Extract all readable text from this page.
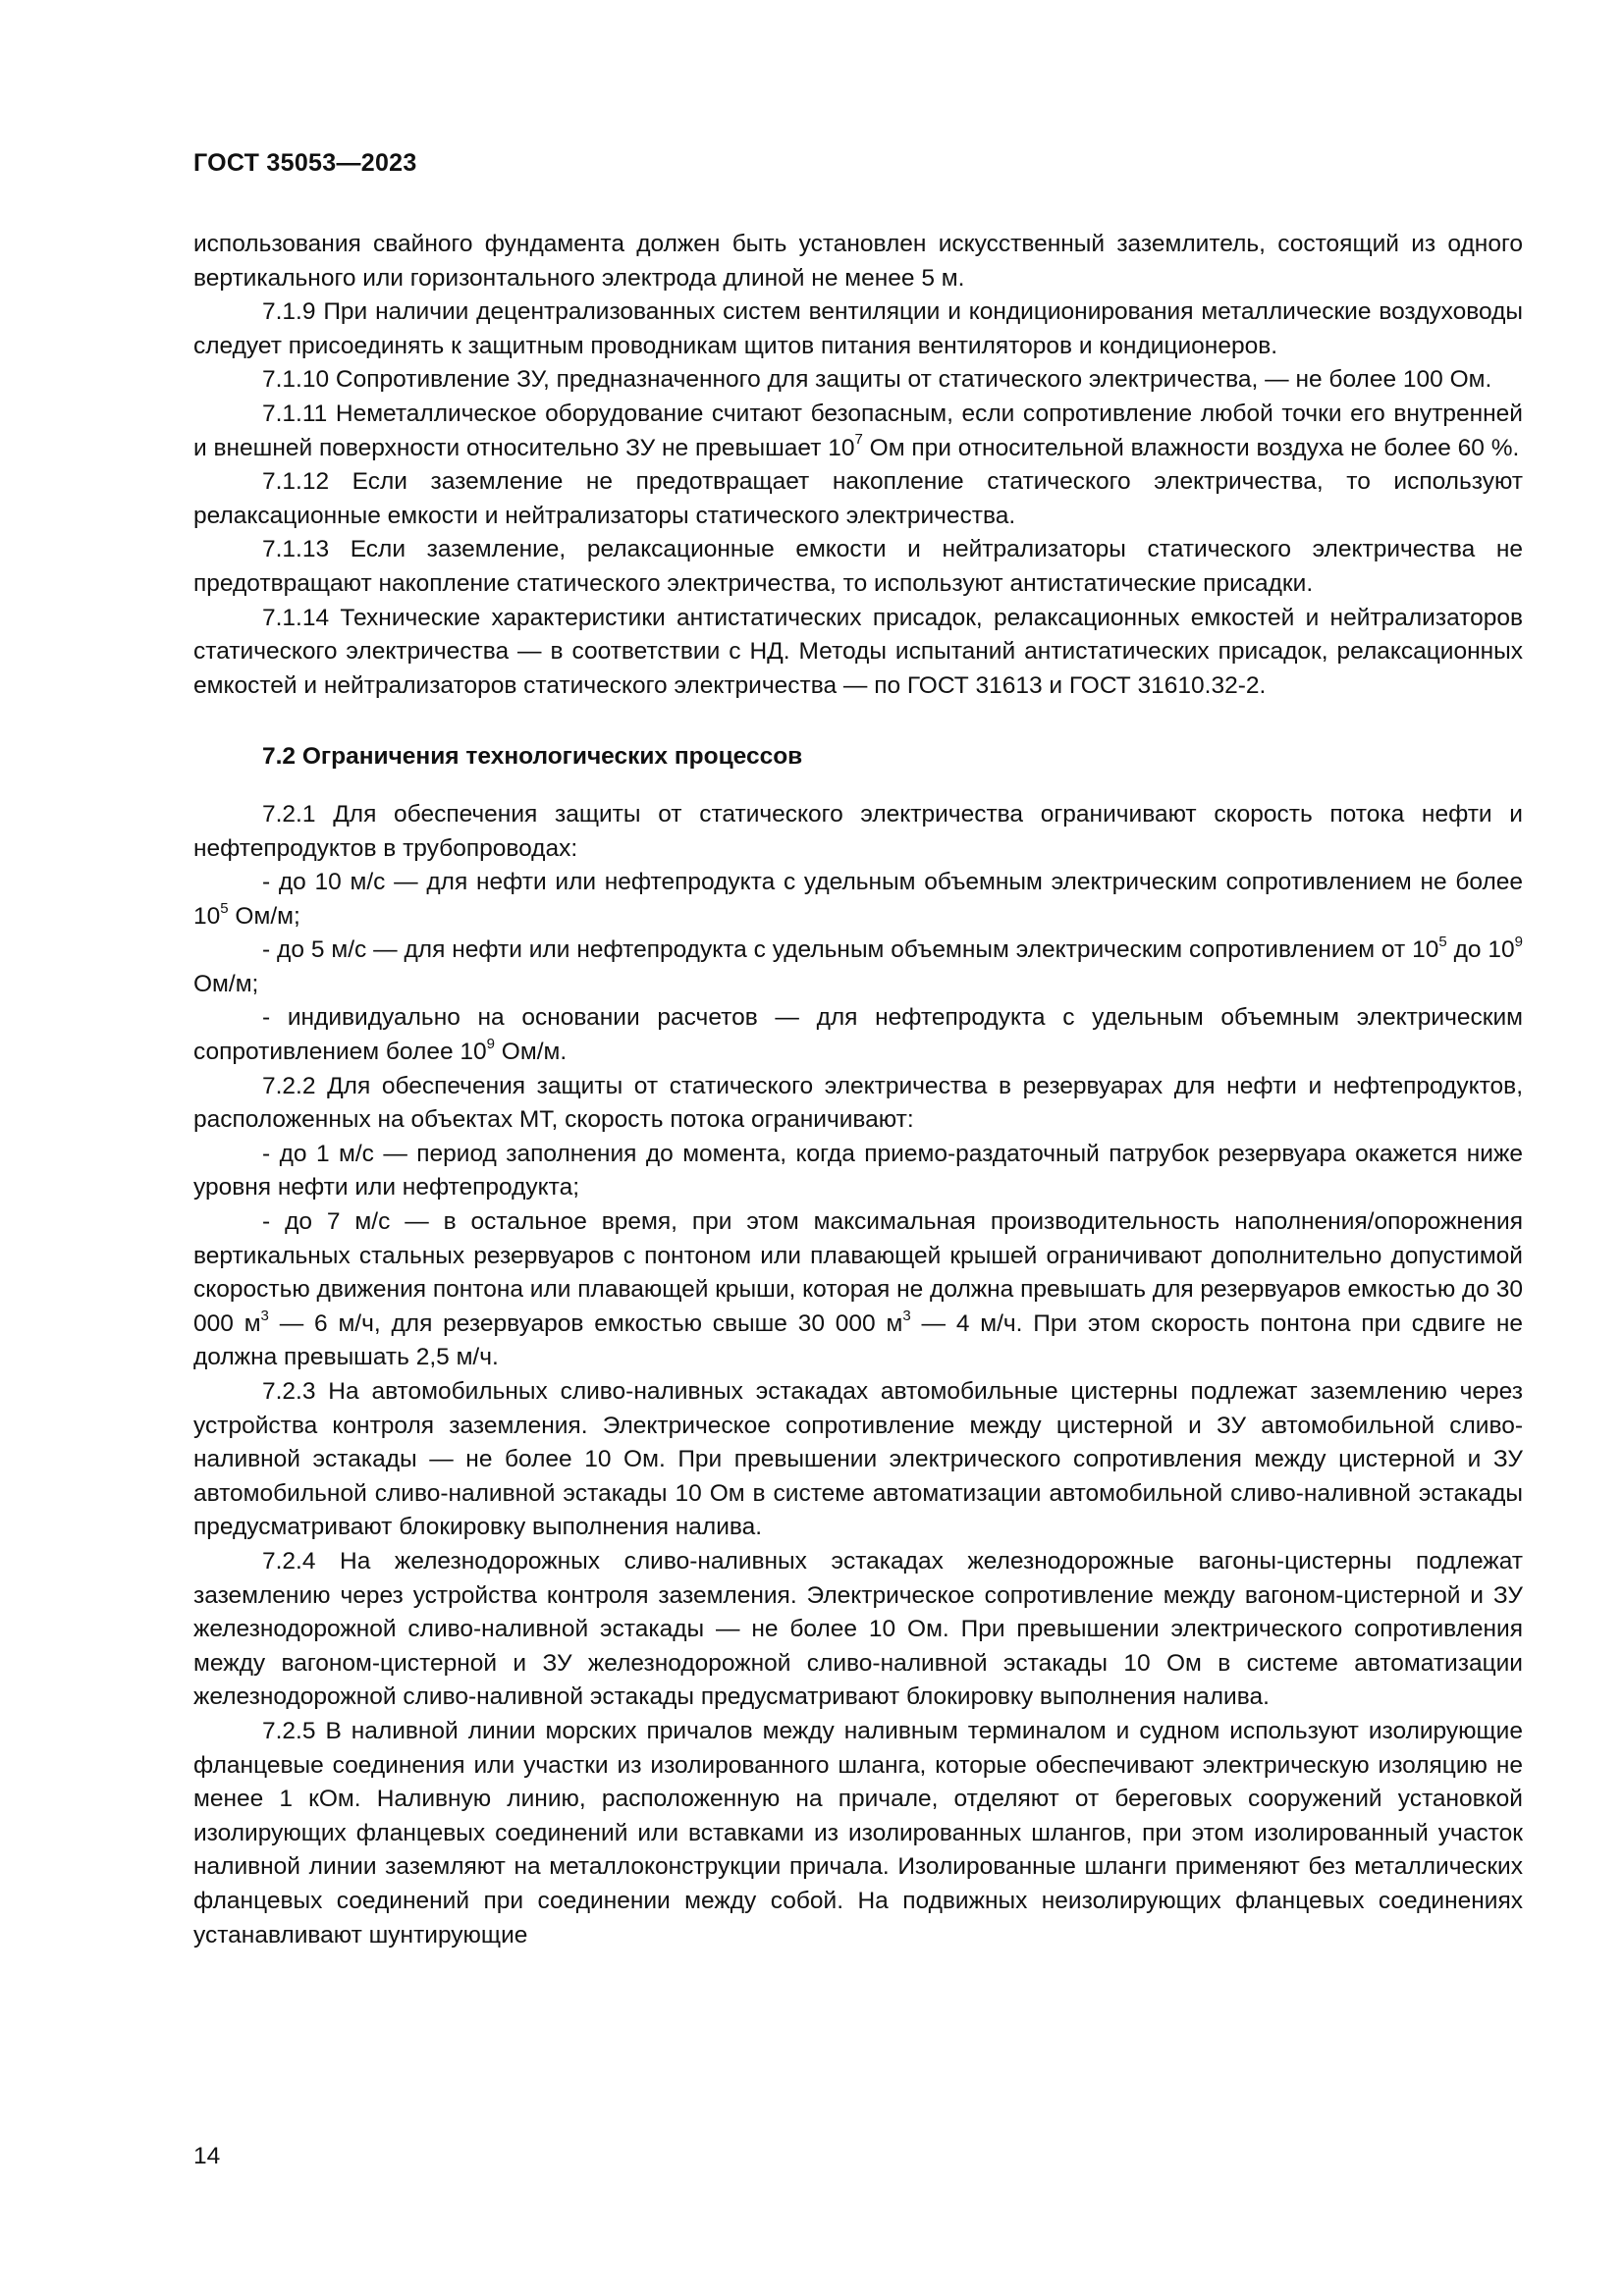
ГОСТ 35053—2023

использования свайного фундамента должен быть установлен искусственный заземлитель, состоящий из одного вертикального или горизонтального электрода длиной не менее 5 м.

7.1.9 При наличии децентрализованных систем вентиляции и кондиционирования металлические воздуховоды следует присоединять к защитным проводникам щитов питания вентиляторов и кондиционеров.

7.1.10 Сопротивление ЗУ, предназначенного для защиты от статического электричества, — не более 100 Ом.

7.1.11 Неметаллическое оборудование считают безопасным, если сопротивление любой точки его внутренней и внешней поверхности относительно ЗУ не превышает $10^7$ Ом при относительной влажности воздуха не более 60 %.

7.1.12 Если заземление не предотвращает накопление статического электричества, то используют релаксационные емкости и нейтрализаторы статического электричества.

7.1.13 Если заземление, релаксационные емкости и нейтрализаторы статического электричества не предотвращают накопление статического электричества, то используют антистатические присадки.

7.1.14 Технические характеристики антистатических присадок, релаксационных емкостей и нейтрализаторов статического электричества — в соответствии с НД. Методы испытаний антистатических присадок, релаксационных емкостей и нейтрализаторов статического электричества — по ГОСТ 31613 и ГОСТ 31610.32-2.

7.2 Ограничения технологических процессов

7.2.1 Для обеспечения защиты от статического электричества ограничивают скорость потока нефти и нефтепродуктов в трубопроводах:

- до 10 м/с — для нефти или нефтепродукта с удельным объемным электрическим сопротивлением не более $10^5$ Ом/м;

- до 5 м/с — для нефти или нефтепродукта с удельным объемным электрическим сопротивлением от $10^5$ до $10^9$ Ом/м;

- индивидуально на основании расчетов — для нефтепродукта с удельным объемным электрическим сопротивлением более $10^9$ Ом/м.

7.2.2 Для обеспечения защиты от статического электричества в резервуарах для нефти и нефтепродуктов, расположенных на объектах МТ, скорость потока ограничивают:

- до 1 м/с — период заполнения до момента, когда приемо-раздаточный патрубок резервуара окажется ниже уровня нефти или нефтепродукта;

- до 7 м/с — в остальное время, при этом максимальная производительность наполнения/опорожнения вертикальных стальных резервуаров с понтоном или плавающей крышей ограничивают дополнительно допустимой скоростью движения понтона или плавающей крыши, которая не должна превышать для резервуаров емкостью до 30 000 $м^3$ — 6 м/ч, для резервуаров емкостью свыше 30 000 $м^3$ — 4 м/ч. При этом скорость понтона при сдвиге не должна превышать 2,5 м/ч.

7.2.3 На автомобильных сливо-наливных эстакадах автомобильные цистерны подлежат заземлению через устройства контроля заземления. Электрическое сопротивление между цистерной и ЗУ автомобильной сливо-наливной эстакады — не более 10 Ом. При превышении электрического сопротивления между цистерной и ЗУ автомобильной сливо-наливной эстакады 10 Ом в системе автоматизации автомобильной сливо-наливной эстакады предусматривают блокировку выполнения налива.

7.2.4 На железнодорожных сливо-наливных эстакадах железнодорожные вагоны-цистерны подлежат заземлению через устройства контроля заземления. Электрическое сопротивление между вагоном-цистерной и ЗУ железнодорожной сливо-наливной эстакады — не более 10 Ом. При превышении электрического сопротивления между вагоном-цистерной и ЗУ железнодорожной сливо-наливной эстакады 10 Ом в системе автоматизации железнодорожной сливо-наливной эстакады предусматривают блокировку выполнения налива.

7.2.5 В наливной линии морских причалов между наливным терминалом и судном используют изолирующие фланцевые соединения или участки из изолированного шланга, которые обеспечивают электрическую изоляцию не менее 1 кОм. Наливную линию, расположенную на причале, отделяют от береговых сооружений установкой изолирующих фланцевых соединений или вставками из изолированных шлангов, при этом изолированный участок наливной линии заземляют на металлоконструкции причала. Изолированные шланги применяют без металлических фланцевых соединений при соединении между собой. На подвижных неизолирующих фланцевых соединениях устанавливают шунтирующие

14
